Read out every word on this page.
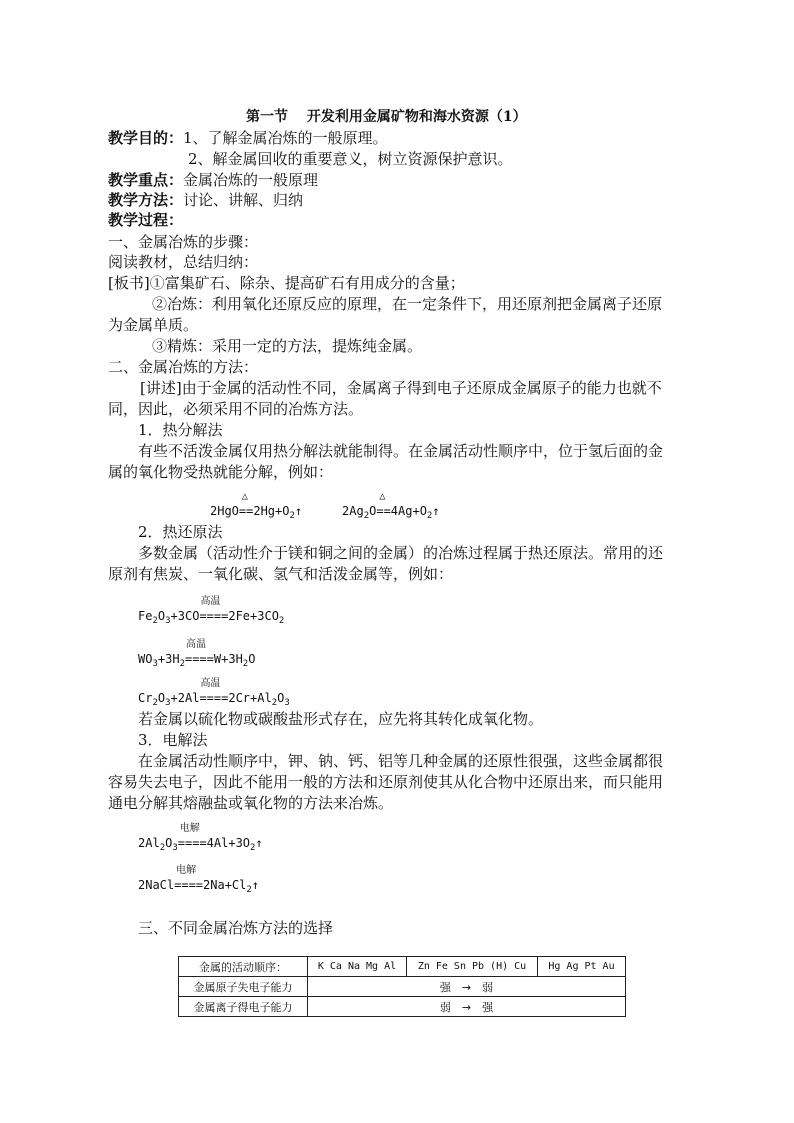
第一节　 开发利用金属矿物和海水资源（1）
教学目的：1、了解金属冶炼的一般原理。
2、解金属回收的重要意义，树立资源保护意识。
教学重点：金属冶炼的一般原理
教学方法：讨论、讲解、归纳
教学过程：
一、金属冶炼的步骤：
阅读教材，总结归纳：
[板书]①富集矿石、除杂、提高矿石有用成分的含量；
②冶炼：利用氧化还原反应的原理，在一定条件下，用还原剂把金属离子还原
为金属单质。
③精炼：采用一定的方法，提炼纯金属。
二、金属冶炼的方法：
[讲述]由于金属的活动性不同，金属离子得到电子还原成金属原子的能力也就不
同，因此，必须采用不同的冶炼方法。
1．热分解法
有些不活泼金属仅用热分解法就能制得。在金属活动性顺序中，位于氢后面的金
属的氧化物受热就能分解，例如：
2HgO
△
$==2Hg+O_2↑$	$2Ag_2O$
△
$==4Ag+O_2↑$
2．热还原法
多数金属（活动性介于镁和铜之间的金属）的冶炼过程属于热还原法。常用的还
原剂有焦炭、一氧化碳、氢气和活泼金属等，例如：
$Fe_2O_3+3CO$
高温
$====2Fe+3CO_2$
$WO_3+3H_2$
高温
$====W+3H_2O$
$Cr_2O_3+2Al$
高温
$====2Cr+Al_2O_3$
若金属以硫化物或碳酸盐形式存在，应先将其转化成氧化物。
3．电解法
在金属活动性顺序中，钾、钠、钙、铝等几种金属的还原性很强，这些金属都很
容易失去电子，因此不能用一般的方法和还原剂使其从化合物中还原出来，而只能用
通电分解其熔融盐或氧化物的方法来冶炼。
$2Al_2O_3$
电解
$====4Al+3O_2↑$
2NaCl
电解
$====2Na+Cl_2↑$
三、不同金属冶炼方法的选择
金属的活动顺序：	K Ca Na Mg Al	Zn Fe Sn Pb (H) Cu	Hg Ag Pt Au
金属原子失电子能力	强　→　弱		
金属离子得电子能力	弱　→　强		
